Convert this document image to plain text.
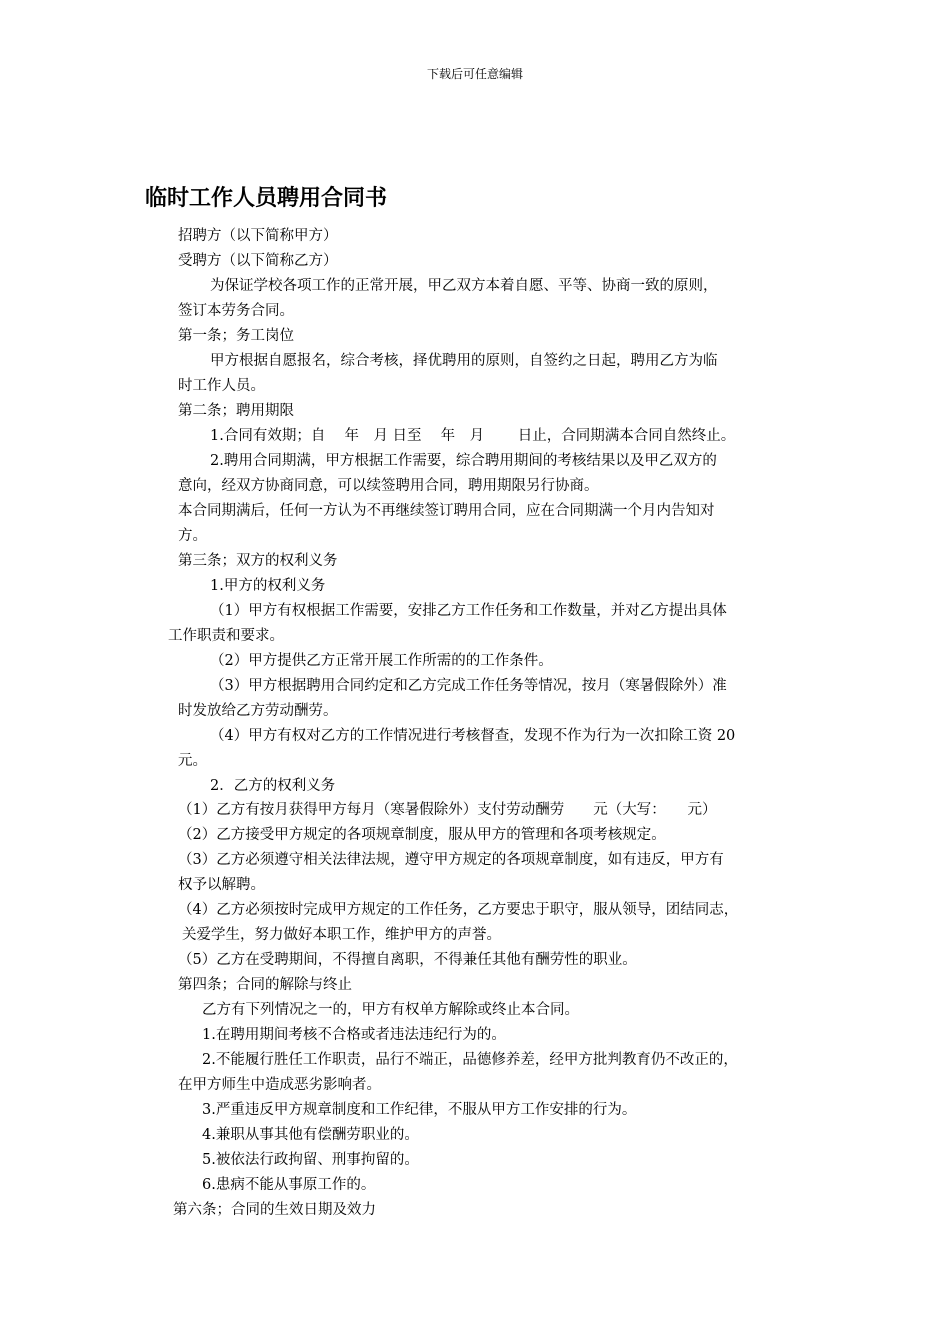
下载后可任意编辑
临时工作人员聘用合同书
招聘方（以下简称甲方）
受聘方（以下简称乙方）
为保证学校各项工作的正常开展，甲乙双方本着自愿、平等、协商一致的原则，
签订本劳务合同。
第一条；务工岗位
甲方根据自愿报名，综合考核，择优聘用的原则，自签约之日起，聘用乙方为临
时工作人员。
第二条；聘用期限
1.合同有效期；自　 年　月 日至　 年　月　　 日止，合同期满本合同自然终止。
2.聘用合同期满，甲方根据工作需要，综合聘用期间的考核结果以及甲乙双方的
意向，经双方协商同意，可以续签聘用合同，聘用期限另行协商。
本合同期满后，任何一方认为不再继续签订聘用合同，应在合同期满一个月内告知对
方。
第三条；双方的权利义务
1.甲方的权利义务
（1）甲方有权根据工作需要，安排乙方工作任务和工作数量，并对乙方提出具体
工作职责和要求。
（2）甲方提供乙方正常开展工作所需的的工作条件。
（3）甲方根据聘用合同约定和乙方完成工作任务等情况，按月（寒暑假除外）准
时发放给乙方劳动酬劳。
（4）甲方有权对乙方的工作情况进行考核督查，发现不作为行为一次扣除工资 20
元。
2．乙方的权利义务
（1）乙方有按月获得甲方每月（寒暑假除外）支付劳动酬劳　　元（大写：　　元）
（2）乙方接受甲方规定的各项规章制度，服从甲方的管理和各项考核规定。
（3）乙方必须遵守相关法律法规，遵守甲方规定的各项规章制度，如有违反，甲方有
权予以解聘。
（4）乙方必须按时完成甲方规定的工作任务，乙方要忠于职守，服从领导，团结同志，
关爱学生，努力做好本职工作，维护甲方的声誉。
（5）乙方在受聘期间，不得擅自离职，不得兼任其他有酬劳性的职业。
第四条；合同的解除与终止
乙方有下列情况之一的，甲方有权单方解除或终止本合同。
1.在聘用期间考核不合格或者违法违纪行为的。
2.不能履行胜任工作职责，品行不端正，品德修养差，经甲方批判教育仍不改正的，
在甲方师生中造成恶劣影响者。
3.严重违反甲方规章制度和工作纪律，不服从甲方工作安排的行为。
4.兼职从事其他有偿酬劳职业的。
5.被依法行政拘留、刑事拘留的。
6.患病不能从事原工作的。
第六条；合同的生效日期及效力
